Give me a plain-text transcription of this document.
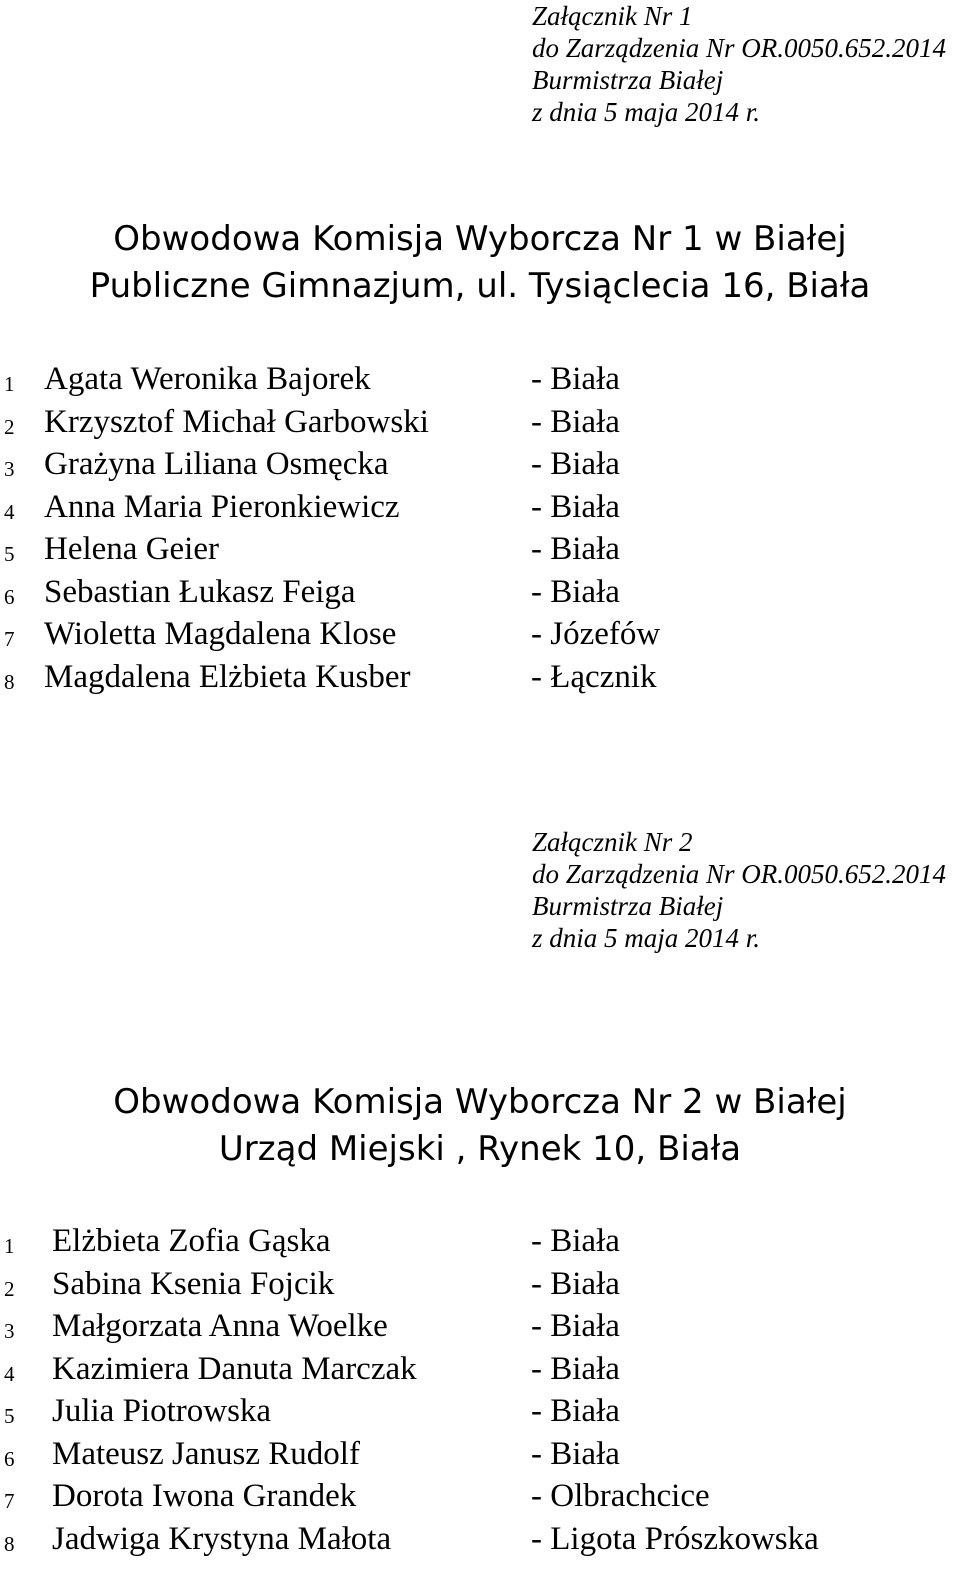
Załącznik Nr 1
do Zarządzenia Nr OR.0050.652.2014
Burmistrza Białej
z dnia 5 maja 2014 r.
Obwodowa Komisja Wyborcza Nr 1 w Białej
Publiczne Gimnazjum, ul. Tysiąclecia 16, Biała
1 Agata Weronika Bajorek	- Biała
2 Krzysztof Michał Garbowski	- Biała
3 Grażyna Liliana Osmęcka	- Biała
4 Anna Maria Pieronkiewicz	- Biała
5 Helena Geier	- Biała
6 Sebastian Łukasz Feiga	- Biała
7 Wioletta Magdalena Klose	- Józefów
8 Magdalena Elżbieta Kusber	- Łącznik
Załącznik Nr 2
do Zarządzenia Nr OR.0050.652.2014
Burmistrza Białej
z dnia 5 maja 2014 r.
Obwodowa Komisja Wyborcza Nr 2 w Białej
Urząd Miejski , Rynek 10, Biała
1 Elżbieta Zofia Gąska	- Biała
2 Sabina Ksenia Fojcik	- Biała
3 Małgorzata Anna Woelke	- Biała
4 Kazimiera Danuta Marczak	- Biała
5 Julia Piotrowska	- Biała
6 Mateusz Janusz Rudolf	- Biała
7 Dorota Iwona Grandek	- Olbrachcice
8 Jadwiga Krystyna Małota	- Ligota Prószkowska
